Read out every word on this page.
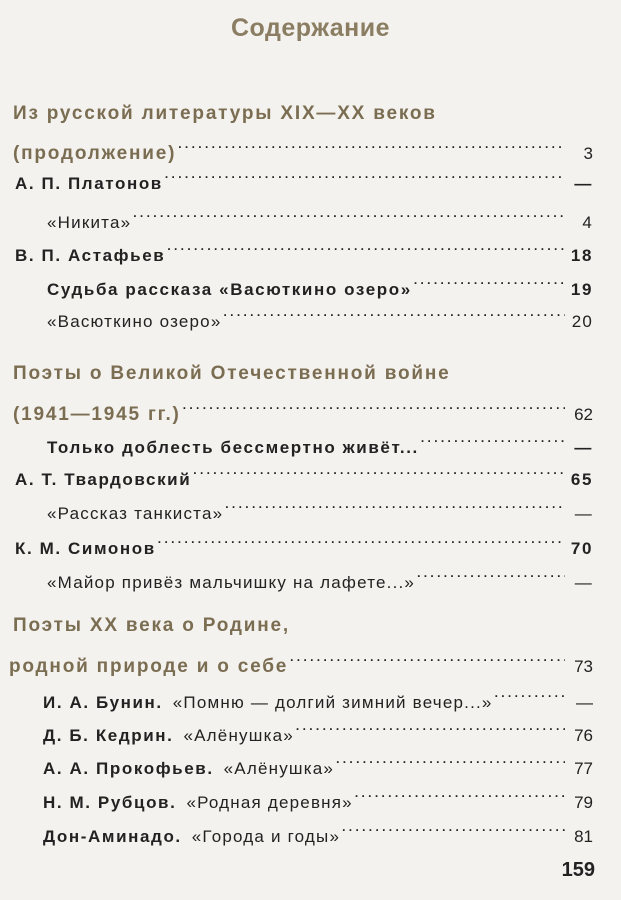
Содержание
Из русской литературы XIX—XX веков
(продолжение) . . .	3
А. П. Платонов . . .	—
«Никита» . . .	4
В. П. Астафьев . . .	18
Судьба рассказа «Васюткино озеро» . . .	19
«Васюткино озеро» . . .	20
Поэты о Великой Отечественной войне
(1941—1945 гг.) . . .	62
Только доблесть бессмертно живёт... . . .	—
А. Т. Твардовский . . .	65
«Рассказ танкиста» . . .	—
К. М. Симонов . . .	70
«Майор привёз мальчишку на лафете...» . . .	—
Поэты XX века о Родине,
родной природе и о себе . . .	73
И. А. Бунин. «Помню — долгий зимний вечер...» . . .	—
Д. Б. Кедрин. «Алёнушка» . . .	76
А. А. Прокофьев. «Алёнушка» . . .	77
Н. М. Рубцов. «Родная деревня» . . .	79
Дон-Аминадо. «Города и годы» . . .	81
159
